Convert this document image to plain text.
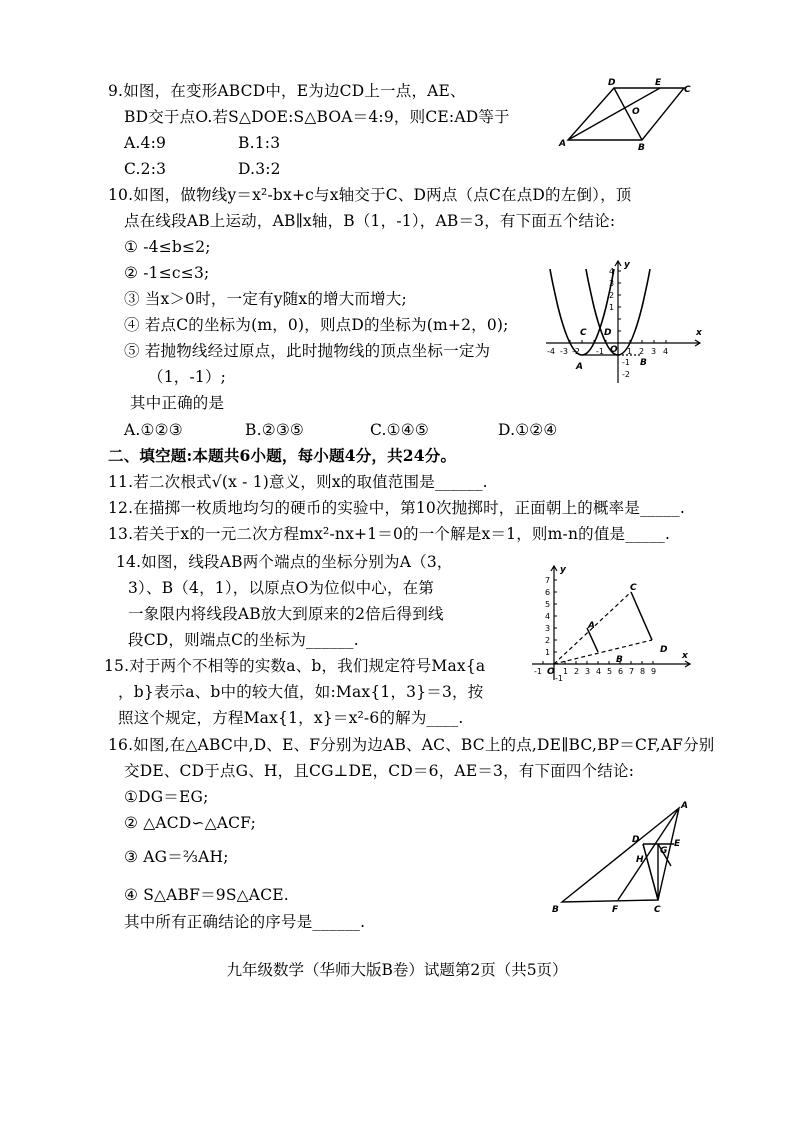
9.如图，在变形ABCD中，E为边CD上一点，AE、
BD交于点O.若S△DOE:S△BOA＝4:9，则CE:AD等于
A.4:9	B.1:3
C.2:3	D.3:2
D	E
C
O
A	B
10.如图，做物线y＝x²-bx+c与x轴交于C、D两点（点C在点D的左倒），顶
点在线段AB上运动，AB∥x轴，B（1，-1），AB＝3，有下面五个结论:
① -4≤b≤2;
② -1≤c≤3;
③ 当x＞0时，一定有y随x的增大而增大;
④ 若点C的坐标为(m，0)，则点D的坐标为(m+2，0);
⑤ 若抛物线经过原点，此时抛物线的顶点坐标一定为
（1，-1）;
其中正确的是
A.①②③	B.②③⑤	C.①④⑤	D.①②④
y
x
O
C D
A	B
-4 -3 -2 -1	1 2 3 4
4
3
2
1
-1
-2
二、填空题:本题共6小题，每小题4分，共24分。
11.若二次根式√(x - 1)意义，则x的取值范围是______.
12.在描掷一枚质地均匀的硬币的实验中，第10次抛掷时，正面朝上的概率是_____.
13.若关于x的一元二次方程mx²-nx+1＝0的一个解是x＝1，则m-n的值是_____.
14.如图，线段AB两个端点的坐标分别为A（3，
3）、B（4，1），以原点O为位似中心，在第
一象限内将线段AB放大到原来的2倍后得到线
段CD，则端点C的坐标为______.
y
x
O
A
B
C
D
-1	1 2 3 4 5 6 7 8 9
7
6
5
4
3
2
1
-1
15.对于两个不相等的实数a、b，我们规定符号Max{a
，b}表示a、b中的较大值，如:Max{1，3}＝3，按
照这个规定，方程Max{1，x}＝x²-6的解为____.
16.如图,在△ABC中,D、E、F分别为边AB、AC、BC上的点,DE∥BC,BP＝CF,AF分别
交DE、CD于点G、H，且CG⊥DE，CD＝6，AE＝3，有下面四个结论:
①DG＝EG;
② △ACD∽△ACF;
③ AG＝⅔AH;
④ S△ABF＝9S△ACE.
其中所有正确结论的序号是______.
A
D
G
E
H
B	F	C
九年级数学（华师大版B卷）试题第2页（共5页）
